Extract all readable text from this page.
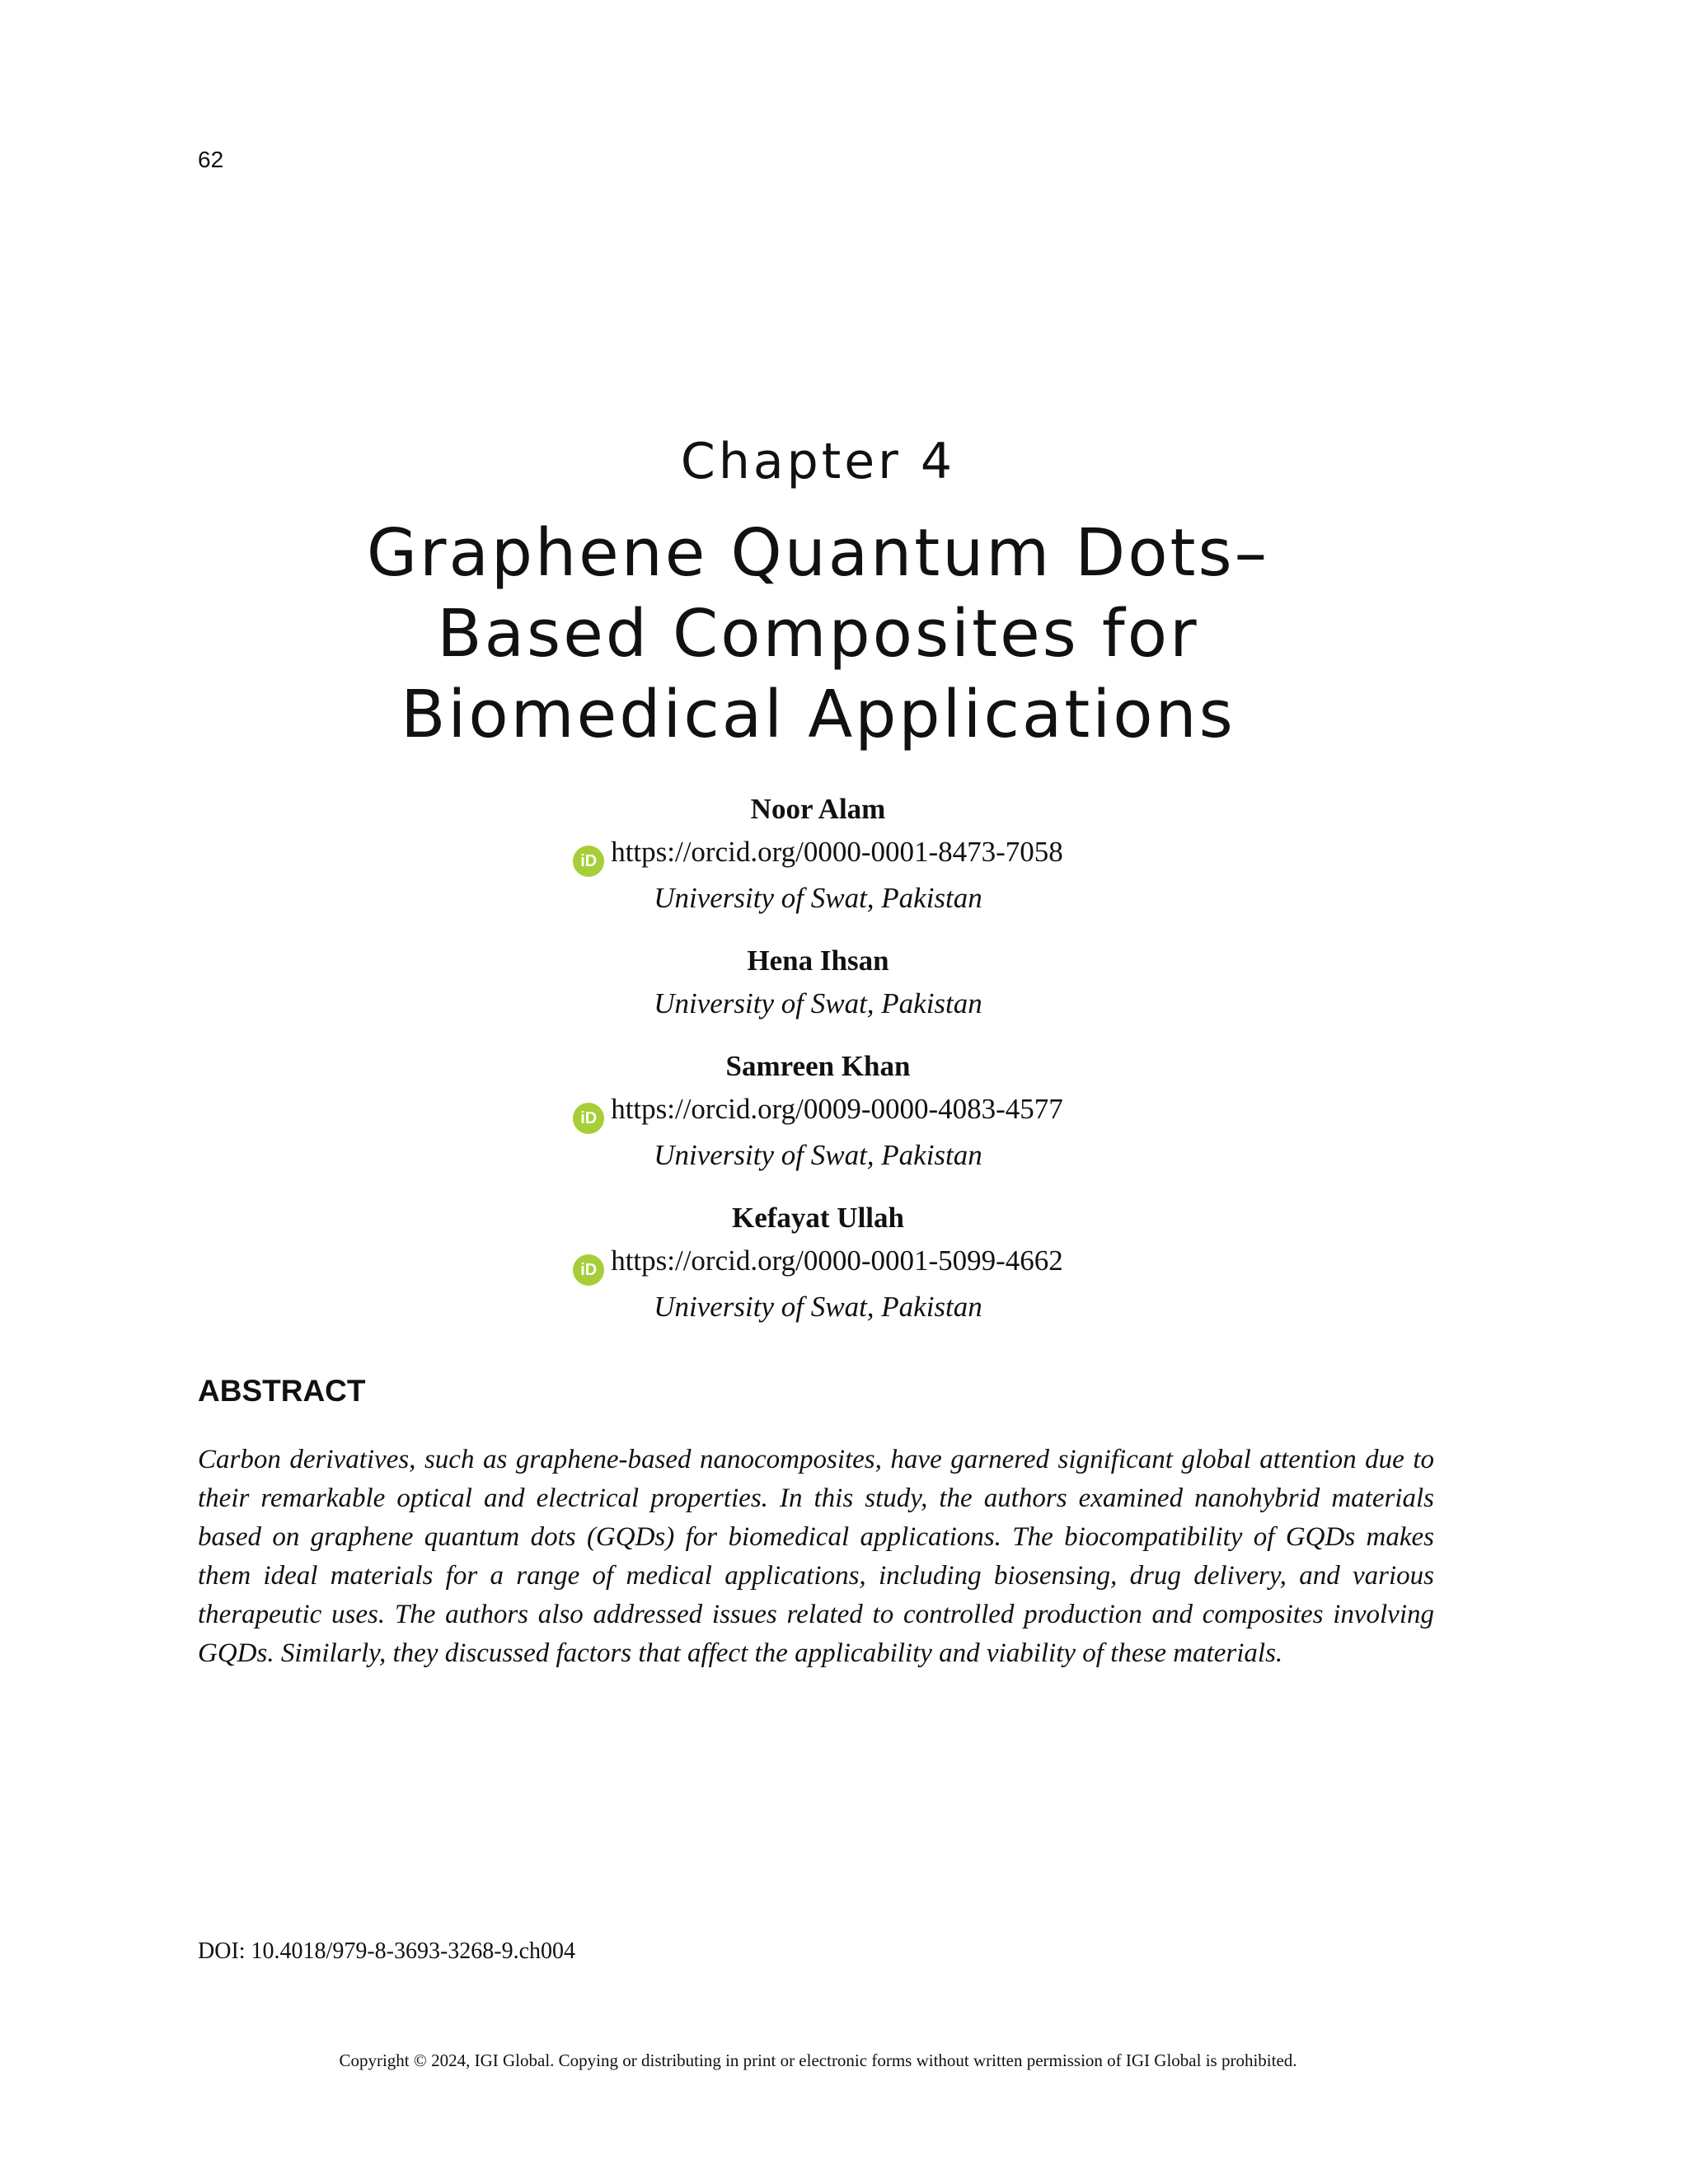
62

Chapter 4
Graphene Quantum Dots–
Based Composites for
Biomedical Applications
Noor Alam
iD https://orcid.org/0000-0001-8473-7058
University of Swat, Pakistan
Hena Ihsan
University of Swat, Pakistan
Samreen Khan
iD https://orcid.org/0009-0000-4083-4577
University of Swat, Pakistan
Kefayat Ullah
iD https://orcid.org/0000-0001-5099-4662
University of Swat, Pakistan
ABSTRACT

Carbon derivatives, such as graphene-based nanocomposites, have garnered significant global attention due to their remarkable optical and electrical properties. In this study, the authors examined nanohybrid materials based on graphene quantum dots (GQDs) for biomedical applications. The biocompatibility of GQDs makes them ideal materials for a range of medical applications, including biosensing, drug delivery, and various therapeutic uses. The authors also addressed issues related to controlled production and composites involving GQDs. Similarly, they discussed factors that affect the applicability and viability of these materials.

DOI: 10.4018/979-8-3693-3268-9.ch004

Copyright © 2024, IGI Global. Copying or distributing in print or electronic forms without written permission of IGI Global is prohibited.
